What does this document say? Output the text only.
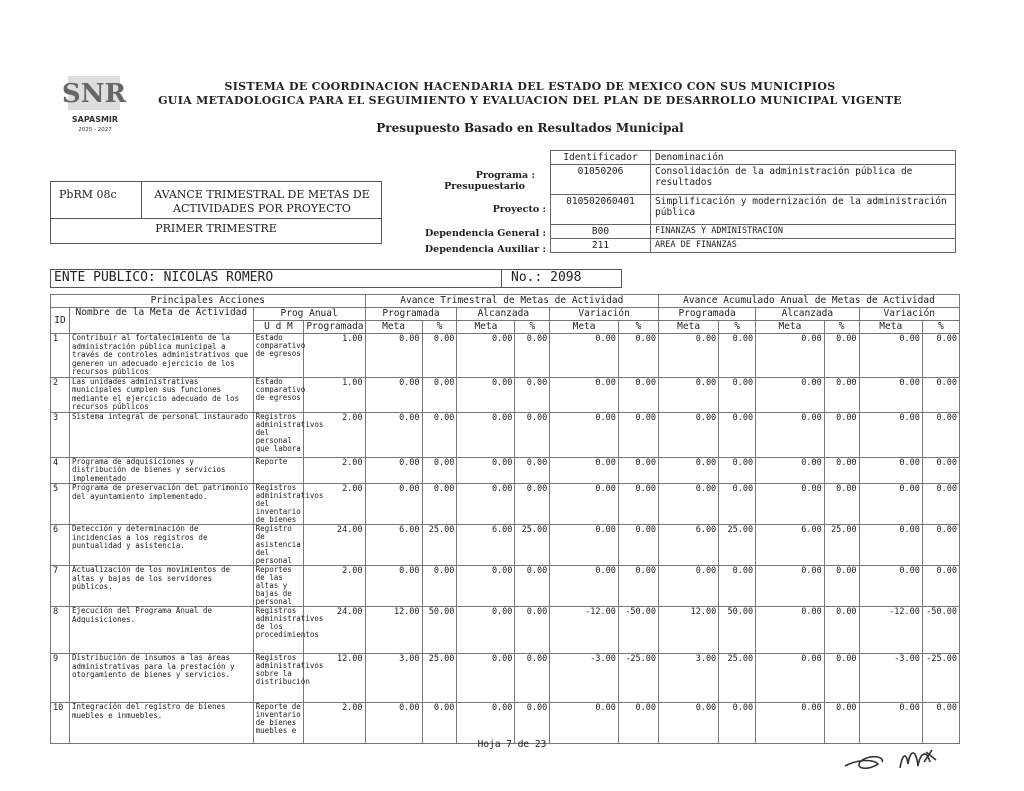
SNR
SAPASMIR
2025 - 2027
SISTEMA DE COORDINACION HACENDARIA DEL ESTADO DE MEXICO CON SUS MUNICIPIOS
GUIA METADOLOGICA PARA EL SEGUIMIENTO Y EVALUACION DEL PLAN DE DESARROLLO MUNICIPAL VIGENTE
Presupuesto Basado en Resultados Municipal
PbRM 08c	AVANCE TRIMESTRAL DE METAS DE ACTIVIDADES POR PROYECTO
PRIMER TRIMESTRE
Programa :
Presupuestario
Proyecto :
Dependencia General :
Dependencia Auxiliar :
Identificador	Denominación
01050206	Consolidación de la administración pública de resultados
010502060401	Simplificación y modernización de la administración pública
B00	FINANZAS Y ADMINISTRACION
211	AREA DE FINANZAS
ENTE PUBLICO: NICOLAS ROMERO	No.: 2098
Principales Acciones				Avance Trimestral de Metas de Actividad						Avance Acumulado Anual de Metas de Actividad					
ID	Nombre de la Meta de Actividad	Prog Anual		Programada		Alcanzada		Variación		Programada		Alcanzada		Variación	
		U d M	Programada	Meta	%	Meta	%	Meta	%	Meta	%	Meta	%	Meta	%
1	Contribuir al fortalecimiento de la administración pública municipal a través de controles administrativos que generen un adecuado ejercicio de los recursos públicos	Estado comparativo de egresos	1.00	0.00	0.00	0.00	0.00	0.00	0.00	0.00	0.00	0.00	0.00	0.00	0.00
2	Las unidades administrativas municipales cumplen sus funciones mediante el ejercicio adecuado de los recursos públicos	Estado comparativo de egresos	1.00	0.00	0.00	0.00	0.00	0.00	0.00	0.00	0.00	0.00	0.00	0.00	0.00
3	Sistema integral de personal instaurado	Registros administrativos del personal que labora	2.00	0.00	0.00	0.00	0.00	0.00	0.00	0.00	0.00	0.00	0.00	0.00	0.00
4	Programa de adquisiciones y distribución de bienes y servicios implementado	Reporte	2.00	0.00	0.00	0.00	0.00	0.00	0.00	0.00	0.00	0.00	0.00	0.00	0.00
5	Programa de preservación del patrimonio del ayuntamiento implementado.	Registros administrativos del inventario de bienes	2.00	0.00	0.00	0.00	0.00	0.00	0.00	0.00	0.00	0.00	0.00	0.00	0.00
6	Detección y determinación de incidencias a los registros de puntualidad y asistencia.	Registro de asistencia del personal	24.00	6.00	25.00	6.00	25.00	0.00	0.00	6.00	25.00	6.00	25.00	0.00	0.00
7	Actualización de los movimientos de altas y bajas de los servidores públicos.	Reportes de las altas y bajas de personal	2.00	0.00	0.00	0.00	0.00	0.00	0.00	0.00	0.00	0.00	0.00	0.00	0.00
8	Ejecución del Programa Anual de Adquisiciones.	Registros administrativos de los procedimientos	24.00	12.00	50.00	0.00	0.00	-12.00	-50.00	12.00	50.00	0.00	0.00	-12.00	-50.00
9	Distribución de insumos a las áreas administrativas para la prestación y otorgamiento de bienes y servicios.	Registros administrativos sobre la distribución	12.00	3.00	25.00	0.00	0.00	-3.00	-25.00	3.00	25.00	0.00	0.00	-3.00	-25.00
10	Integración del registro de bienes muebles e inmuebles.	Reporte de inventario de bienes muebles e	2.00	0.00	0.00	0.00	0.00	0.00	0.00	0.00	0.00	0.00	0.00	0.00	0.00
Hoja 7 de 23
